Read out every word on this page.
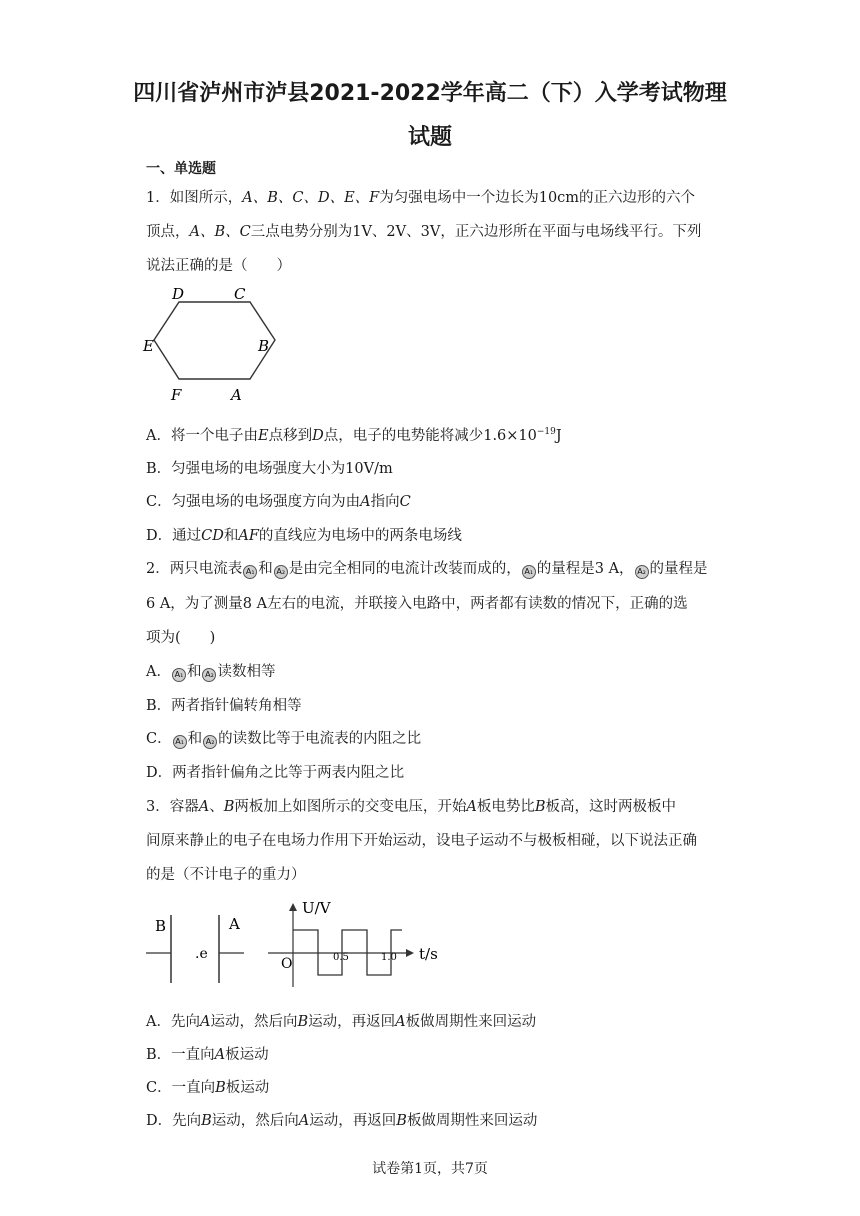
四川省泸州市泸县2021-2022学年高二（下）入学考试物理
试题
一、单选题
1．如图所示，A、B、C、D、E、F为匀强电场中一个边长为10cm的正六边形的六个
顶点，A、B、C三点电势分别为1V、2V、3V，正六边形所在平面与电场线平行。下列
说法正确的是（　　）
D	C
E	B
F	A
A．将一个电子由E点移到D点，电子的电势能将减少$1.6\times 10^{-19}J$
B．匀强电场的电场强度大小为10V/m
C．匀强电场的电场强度方向为由A指向C
D．通过CD和AF的直线应为电场中的两条电场线
2．两只电流表 A₁ 和 A₂ 是由完全相同的电流计改装而成的， A₁ 的量程是3 A， A₂ 的量程是
6 A，为了测量8 A左右的电流，并联接入电路中，两者都有读数的情况下，正确的选
项为(　　)
A． A₁ 和 A₂ 读数相等
B．两者指针偏转角相等
C． A₁ 和 A₂ 的读数比等于电流表的内阻之比
D．两者指针偏角之比等于两表内阻之比
3．容器A、B两板加上如图所示的交变电压，开始A板电势比B板高，这时两极板中
间原来静止的电子在电场力作用下开始运动，设电子运动不与极板相碰，以下说法正确
的是（不计电子的重力）
B
.e
A
U/V
O	0.5	1.0 t/s
A．先向A运动，然后向B运动，再返回A板做周期性来回运动
B．一直向A板运动
C．一直向B板运动
D．先向B运动，然后向A运动，再返回B板做周期性来回运动
试卷第1页，共7页
